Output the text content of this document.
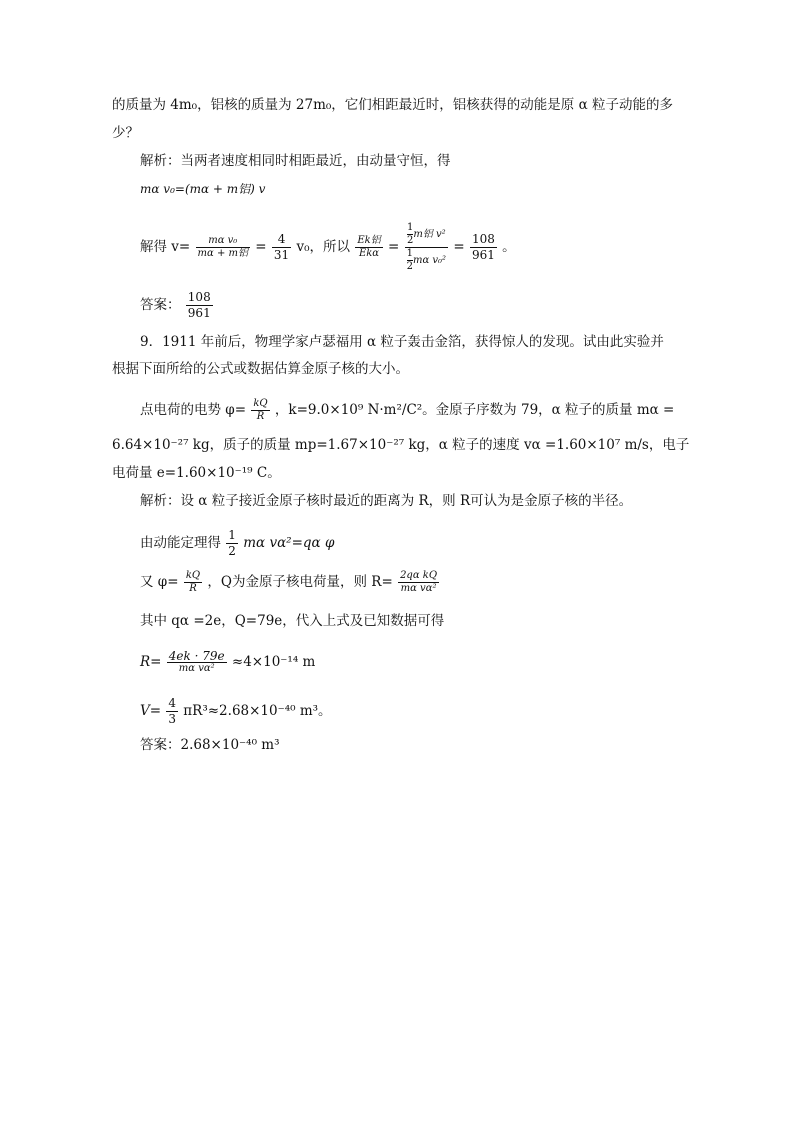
的质量为 4m₀，铝核的质量为 27m₀，它们相距最近时，铝核获得的动能是原 α 粒子动能的多
少？
解析：当两者速度相同时相距最近，由动量守恒，得
mα v₀=(mα + m铝) v
解得 $v= \frac{\text{mα v₀}}{\text{mα + m铝}} = \frac{4}{31} v_0$，所以 $\frac{\text{Ek铝}}{\text{Ekα}} = \frac{\frac{1}{2} m铝 v^2}{\frac{1}{2} m\alpha v_0^2} = \frac{108}{961}$ 。
答案： $\frac{108}{961}$
9．1911 年前后，物理学家卢瑟福用 α 粒子轰击金箔，获得惊人的发现。试由此实验并
根据下面所给的公式或数据估算金原子核的大小。
点电荷的电势 $\varphi= \frac{kQ}{R}$ ，k=9.0×10⁹ N·m²/C²。金原子序数为 79，α 粒子的质量 mα =
6.64×10⁻²⁷ kg，质子的质量 mp=1.67×10⁻²⁷ kg，α 粒子的速度 vα =1.60×10⁷ m/s，电子
电荷量 e=1.60×10⁻¹⁹ C。
解析：设 α 粒子接近金原子核时最近的距离为 R，则 R可认为是金原子核的半径。
由动能定理得 $\frac{1}{2}$ mα vα²=qα φ
又 $\varphi= \frac{kQ}{R}$ ，Q为金原子核电荷量，则 $R= \frac{\text{2qα kQ}}{\text{mα vα²}}$
其中 qα =2e，Q=79e，代入上式及已知数据可得
$R= \frac{4ek \cdot 79e}{\text{mα vα²}} \approx 4\times 10^{-14}$ m
$V= \frac{4}{3} \pi R^3\approx 2.68\times 10^{-40}$ m³。
答案：2.68×10⁻⁴⁰ m³
